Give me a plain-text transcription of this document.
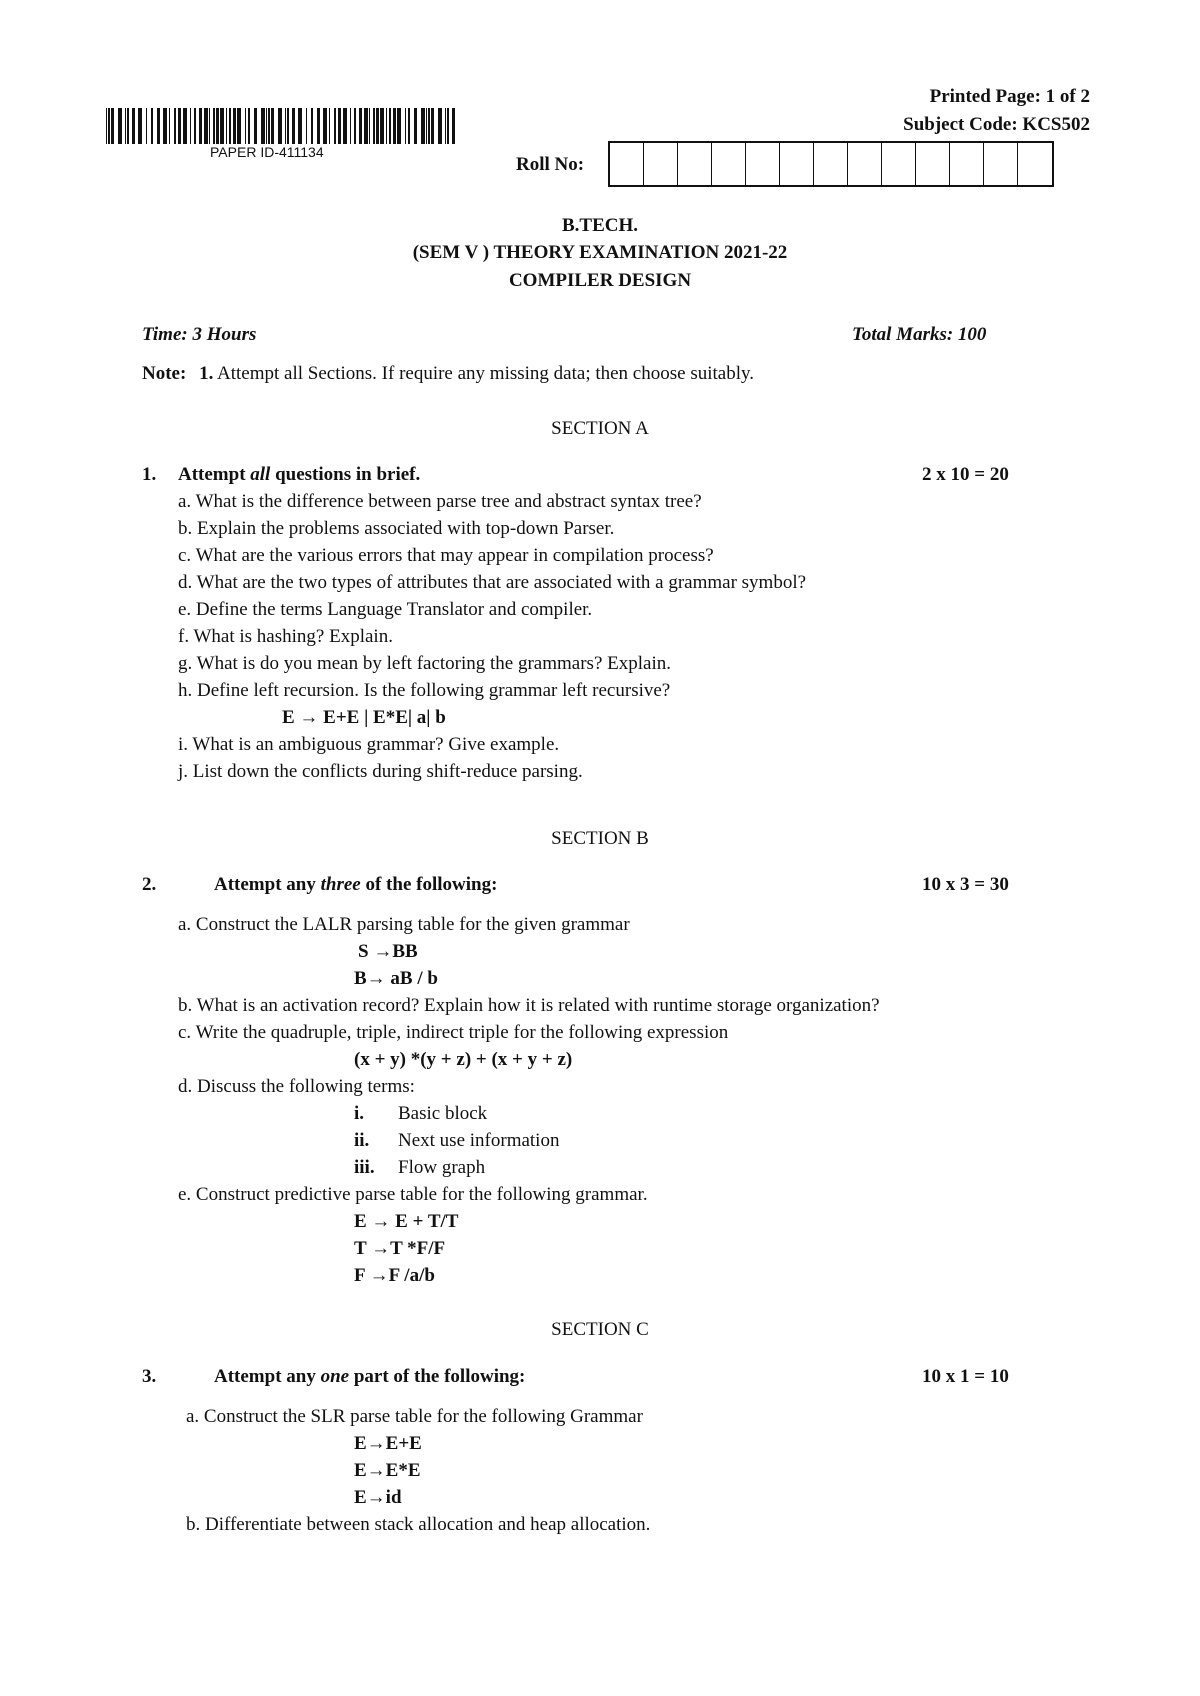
PAPER ID-411134
Printed Page: 1 of 2
Subject Code: KCS502
Roll No:
B.TECH.
(SEM V ) THEORY EXAMINATION 2021-22
COMPILER DESIGN
Time: 3 Hours	Total Marks: 100
Note: 1. Attempt all Sections. If require any missing data; then choose suitably.
SECTION A
1. Attempt all questions in brief.	2 x 10 = 20
a. What is the difference between parse tree and abstract syntax tree?
b. Explain the problems associated with top-down Parser.
c. What are the various errors that may appear in compilation process?
d. What are the two types of attributes that are associated with a grammar symbol?
e. Define the terms Language Translator and compiler.
f. What is hashing? Explain.
g. What is do you mean by left factoring the grammars? Explain.
h. Define left recursion. Is the following grammar left recursive?
E → E+E | E*E| a| b
i. What is an ambiguous grammar? Give example.
j. List down the conflicts during shift-reduce parsing.
SECTION B
2.	Attempt any three of the following:	10 x 3 = 30
a. Construct the LALR parsing table for the given grammar
S →BB
B→ aB / b
b. What is an activation record? Explain how it is related with runtime storage organization?
c. Write the quadruple, triple, indirect triple for the following expression
(x + y) *(y + z) + (x + y + z)
d. Discuss the following terms:
i. Basic block
ii. Next use information
iii. Flow graph
e. Construct predictive parse table for the following grammar.
E → E + T/T
T →T *F/F
F →F /a/b
SECTION C
3.	Attempt any one part of the following:	10 x 1 = 10
a. Construct the SLR parse table for the following Grammar
E→E+E
E→E*E
E→id
b. Differentiate between stack allocation and heap allocation.
